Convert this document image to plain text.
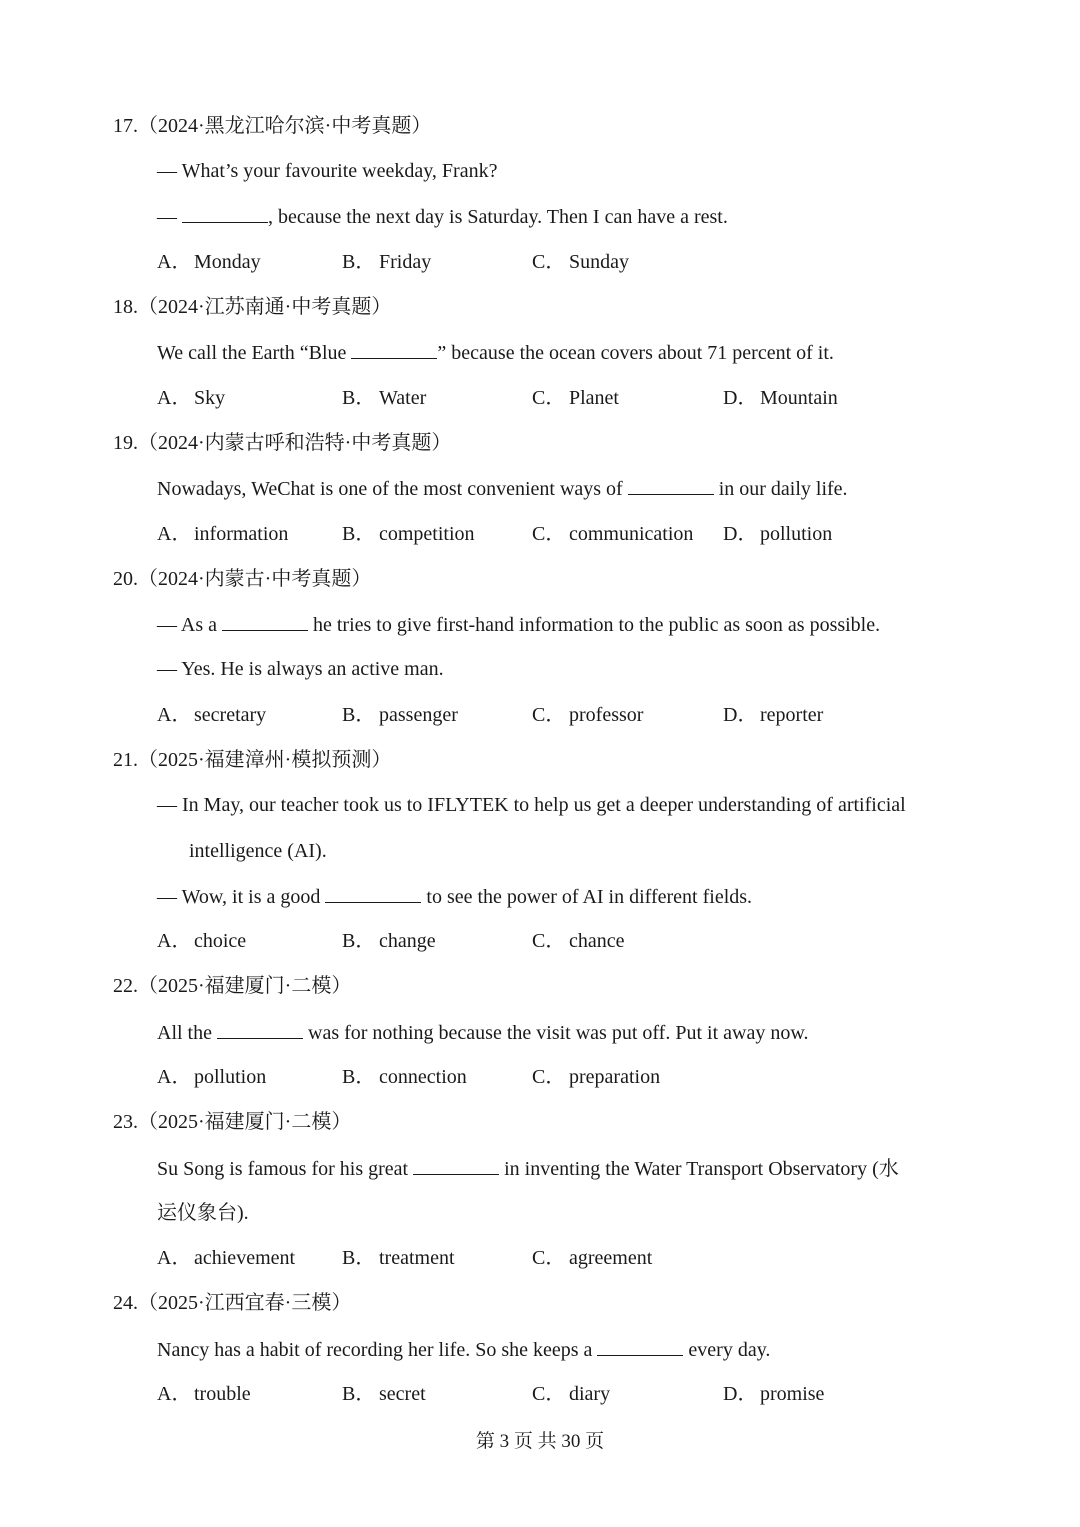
17.（2024·黑龙江哈尔滨·中考真题）
— What’s your favourite weekday, Frank?
—	, because the next day is Saturday. Then I can have a rest.
A． Monday	B． Friday	C． Sunday
18.（2024·江苏南通·中考真题）
We call the Earth “Blue	” because the ocean covers about 71 percent of it.
A． Sky	B． Water	C． Planet	D． Mountain
19.（2024·内蒙古呼和浩特·中考真题）
Nowadays, WeChat is one of the most convenient ways of	in our daily life.
A． information	B． competition	C． communication D． pollution
20.（2024·内蒙古·中考真题）
— As a	he tries to give first-hand information to the public as soon as possible.
— Yes. He is always an active man.
A． secretary	B． passenger	C． professor	D． reporter
21.（2025·福建漳州·模拟预测）
— In May, our teacher took us to IFLYTEK to help us get a deeper understanding of artificial
intelligence (AI).
— Wow, it is a good	to see the power of AI in different fields.
A． choice	B． change	C． chance
22.（2025·福建厦门·二模）
All the	was for nothing because the visit was put off. Put it away now.
A． pollution	B． connection	C． preparation
23.（2025·福建厦门·二模）
Su Song is famous for his great	in inventing the Water Transport Observatory (水
运仪象台).
A． achievement B． treatment	C． agreement
24.（2025·江西宜春·三模）
Nancy has a habit of recording her life. So she keeps a	every day.
A． trouble	B． secret	C． diary	D． promise
第 3 页 共 30 页
